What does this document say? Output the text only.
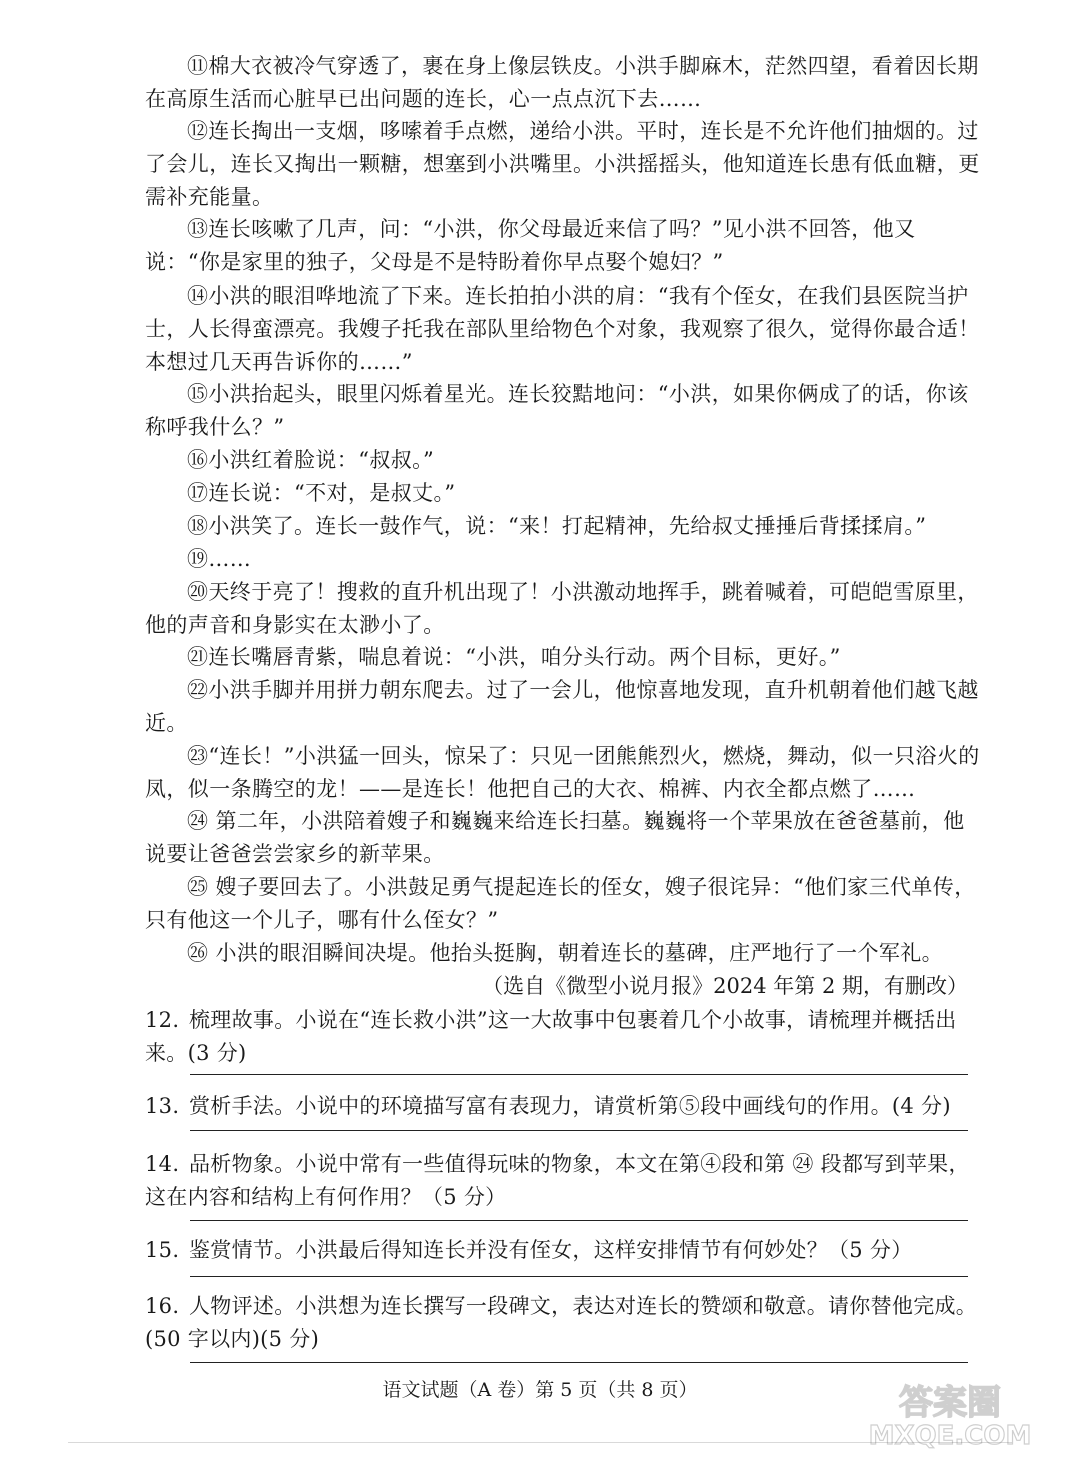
⑪棉大衣被冷气穿透了，裹在身上像层铁皮。小洪手脚麻木，茫然四望，看着因长期在高原生活而心脏早已出问题的连长，心一点点沉下去……

⑫连长掏出一支烟，哆嗦着手点燃，递给小洪。平时，连长是不允许他们抽烟的。过了会儿，连长又掏出一颗糖，想塞到小洪嘴里。小洪摇摇头，他知道连长患有低血糖，更需补充能量。

⑬连长咳嗽了几声，问：“小洪，你父母最近来信了吗？”见小洪不回答，他又说：“你是家里的独子，父母是不是特盼着你早点娶个媳妇？”

⑭小洪的眼泪哗地流了下来。连长拍拍小洪的肩：“我有个侄女，在我们县医院当护士，人长得蛮漂亮。我嫂子托我在部队里给物色个对象，我观察了很久，觉得你最合适！本想过几天再告诉你的……”

⑮小洪抬起头，眼里闪烁着星光。连长狡黠地问：“小洪，如果你俩成了的话，你该称呼我什么？”

⑯小洪红着脸说：“叔叔。”

⑰连长说：“不对，是叔丈。”

⑱小洪笑了。连长一鼓作气，说：“来！打起精神，先给叔丈捶捶后背揉揉肩。”

⑲……

⑳天终于亮了！搜救的直升机出现了！小洪激动地挥手，跳着喊着，可皑皑雪原里，他的声音和身影实在太渺小了。

㉑连长嘴唇青紫，喘息着说：“小洪，咱分头行动。两个目标，更好。”

㉒小洪手脚并用拼力朝东爬去。过了一会儿，他惊喜地发现，直升机朝着他们越飞越近。

㉓“连长！”小洪猛一回头，惊呆了：只见一团熊熊烈火，燃烧，舞动，似一只浴火的凤，似一条腾空的龙！——是连长！他把自己的大衣、棉裤、内衣全都点燃了……

㉔ 第二年，小洪陪着嫂子和巍巍来给连长扫墓。巍巍将一个苹果放在爸爸墓前，他说要让爸爸尝尝家乡的新苹果。

㉕ 嫂子要回去了。小洪鼓足勇气提起连长的侄女，嫂子很诧异：“他们家三代单传，只有他这一个儿子，哪有什么侄女？”

㉖ 小洪的眼泪瞬间决堤。他抬头挺胸，朝着连长的墓碑，庄严地行了一个军礼。

（选自《微型小说月报》2024 年第 2 期，有删改）

12. 梳理故事。小说在“连长救小洪”这一大故事中包裹着几个小故事，请梳理并概括出来。(3 分)
13. 赏析手法。小说中的环境描写富有表现力，请赏析第⑤段中画线句的作用。(4 分)
14. 品析物象。小说中常有一些值得玩味的物象，本文在第④段和第 ㉔ 段都写到苹果，这在内容和结构上有何作用？（5 分）
15. 鉴赏情节。小洪最后得知连长并没有侄女，这样安排情节有何妙处？（5 分）
16. 人物评述。小洪想为连长撰写一段碑文，表达对连长的赞颂和敬意。请你替他完成。(50 字以内)(5 分)

语文试题（A 卷）第 5 页（共 8 页）	答案圈
MXQE.COM
